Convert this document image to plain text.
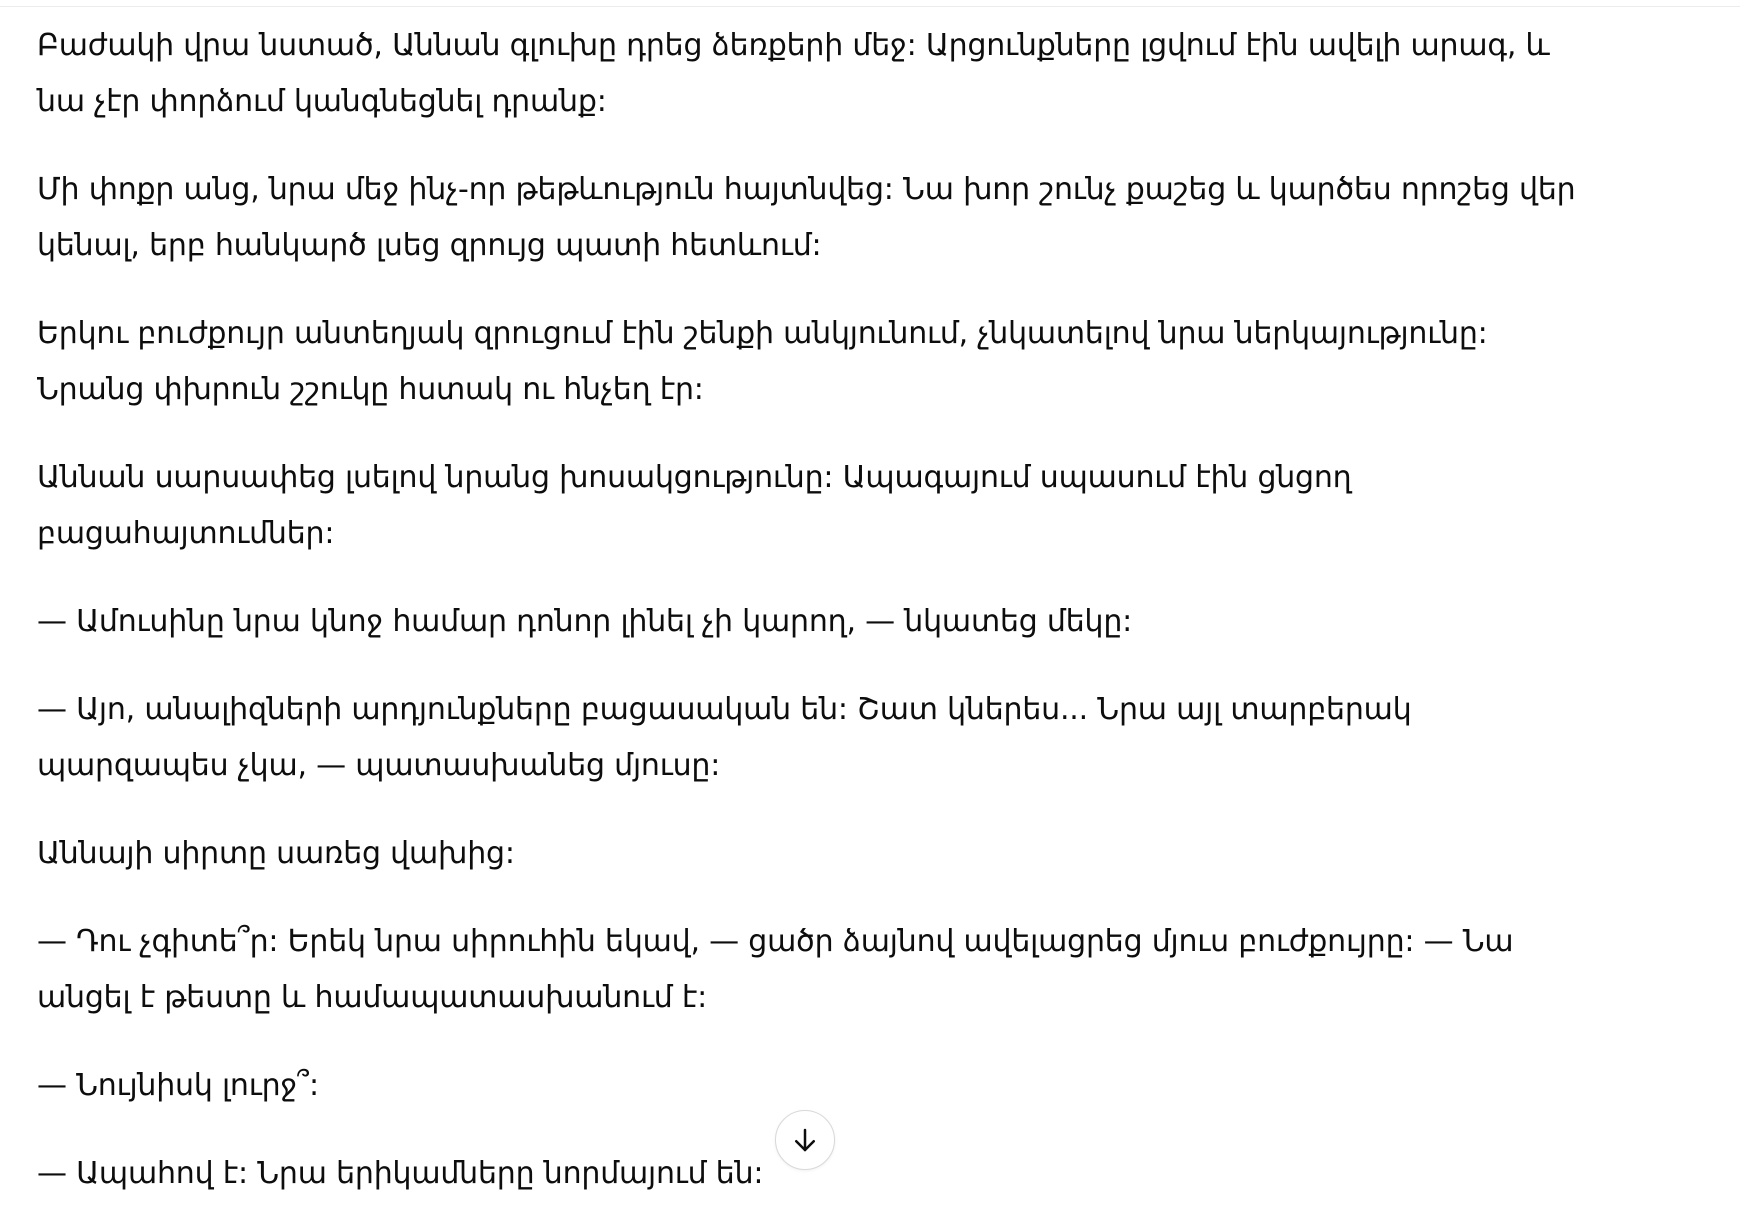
Բաժակի վրա նստած, Աննան գլուխը դրեց ձեռքերի մեջ: Արցունքները լցվում էին ավելի արագ, և նա չէր փորձում կանգնեցնել դրանք:

Մի փոքր անց, նրա մեջ ինչ-որ թեթևություն հայտնվեց: Նա խոր շունչ քաշեց և կարծես որոշեց վեր կենալ, երբ հանկարծ լսեց զրույց պատի հետևում:

Երկու բուժքույր անտեղյակ զրուցում էին շենքի անկյունում, չնկատելով նրա ներկայությունը: Նրանց փխրուն շշուկը հստակ ու հնչեղ էր:

Աննան սարսափեց լսելով նրանց խոսակցությունը: Ապագայում սպասում էին ցնցող բացահայտումներ:

— Ամուսինը նրա կնոջ համար դոնոր լինել չի կարող, — նկատեց մեկը:

— Այո, անալիզների արդյունքները բացասական են: Շատ կներես... Նրա այլ տարբերակ պարզապես չկա, — պատասխանեց մյուսը:

Աննայի սիրտը սառեց վախից:

— Դու չգիտե՞ր: Երեկ նրա սիրուհին եկավ, — ցածր ձայնով ավելացրեց մյուս բուժքույրը: — Նա անցել է թեստը և համապատասխանում է:

— Նույնիսկ լուրջ՞:

— Ապահով է: Նրա երիկամները նորմայում են:
